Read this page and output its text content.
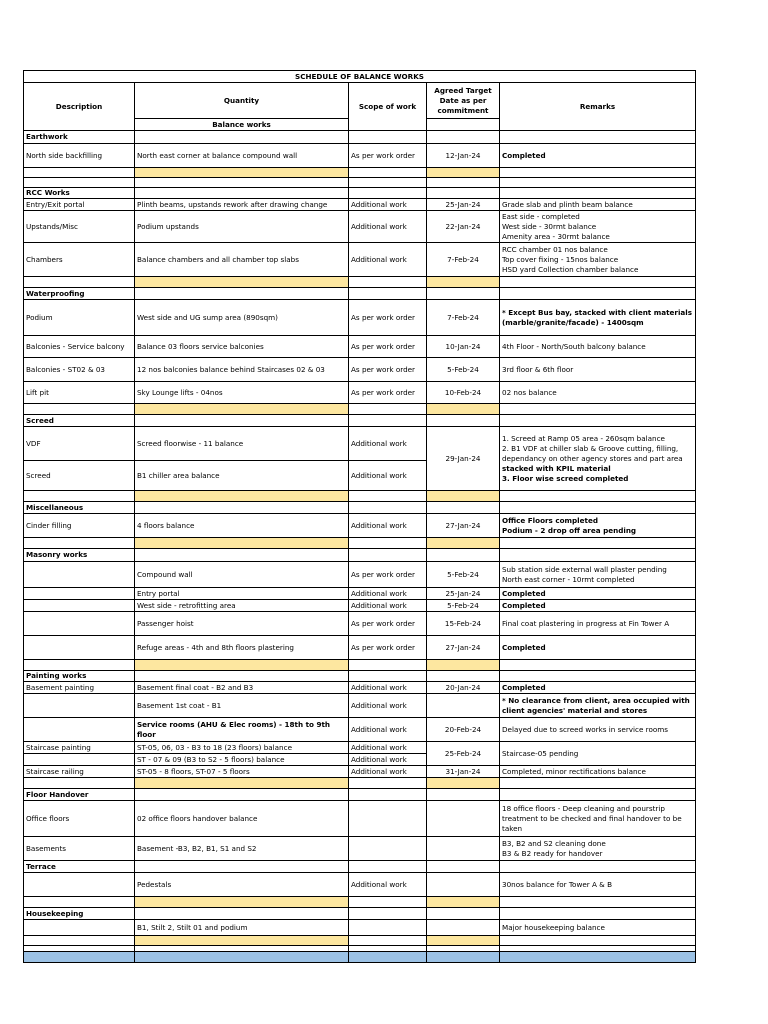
SCHEDULE OF BALANCE WORKS				
Description	Quantity	Scope of work	Agreed Target Date as per commitment	Remarks
	Balance works			
Earthwork				
North side backfilling	North east corner at balance compound wall	As per work order	12-Jan-24	Completed

RCC Works				
Entry/Exit portal	Plinth beams, upstands rework after drawing change	Additional work	25-Jan-24	Grade slab and plinth beam balance

Upstands/Misc	Podium upstands	Additional work	22-Jan-24	East side - completed
West side - 30rmt balance
Amenity area - 30rmt balance

Chambers	Balance chambers and all chamber top slabs	Additional work	7-Feb-24	RCC chamber 01 nos balance
Top cover fixing - 15nos balance
HSD yard Collection chamber balance

Waterproofing				
Podium	West side and UG sump area (890sqm)	As per work order	7-Feb-24	* Except Bus bay, stacked with client materials
(marble/granite/facade) - 1400sqm

Balconies - Service balcony	Balance 03 floors service balconies	As per work order	10-Jan-24	4th Floor - North/South balcony balance

Balconies - ST02 & 03	12 nos balconies balance behind Staircases 02 & 03	As per work order	5-Feb-24	3rd floor & 6th floor

Lift pit	Sky Lounge lifts - 04nos	As per work order	10-Feb-24	02 nos balance

Screed				
VDF	Screed floorwise - 11 balance	Additional work	29-Jan-24	1. Screed at Ramp 05 area - 260sqm balance
2. B1 VDF at chiller slab & Groove cutting, filling,
dependancy on other agency stores and part area
stacked with KPIL material
3. Floor wise screed completed

Screed	B1 chiller area balance	Additional work		

Miscellaneous				
Cinder filling	4 floors balance	Additional work	27-Jan-24	Office Floors completed
Podium - 2 drop off area pending

Masonry works				
	Compound wall	As per work order	5-Feb-24	Sub station side external wall plaster pending
North east corner - 10rmt completed

	Entry portal	Additional work	25-Jan-24	Completed

	West side - retrofitting area	Additional work	5-Feb-24	Completed

	Passenger hoist	As per work order	15-Feb-24	Final coat plastering in progress at Fin Tower A

	Refuge areas - 4th and 8th floors plastering	As per work order	27-Jan-24	Completed

Painting works				
Basement painting	Basement final coat - B2 and B3	Additional work	20-Jan-24	Completed

	Basement 1st coat - B1	Additional work		* No clearance from client, area occupied with
client agencies' material and stores

	Service rooms (AHU & Elec rooms) - 18th to 9th floor	Additional work	20-Feb-24	Delayed due to screed works in service rooms

Staircase painting	ST-05, 06, 03 - B3 to 18 (23 floors) balance	Additional work	25-Feb-24	Staircase-05 pending

	ST - 07 & 09 (B3 to S2 - 5 floors) balance	Additional work		
Staircase railing	ST-05 - 8 floors, ST-07 - 5 floors	Additional work	31-Jan-24	Completed, minor rectifications balance

Floor Handover				
Office floors	02 office floors handover balance			18 office floors - Deep cleaning and pourstrip
treatment to be checked and final handover to be
taken

Basements	Basement -B3, B2, B1, S1 and S2			B3, B2 and S2 cleaning done
B3 & B2 ready for handover

Terrace				
	Pedestals	Additional work		30nos balance for Tower A & B

Housekeeping				
	B1, Stilt 2, Stilt 01 and podium			Major housekeeping balance
